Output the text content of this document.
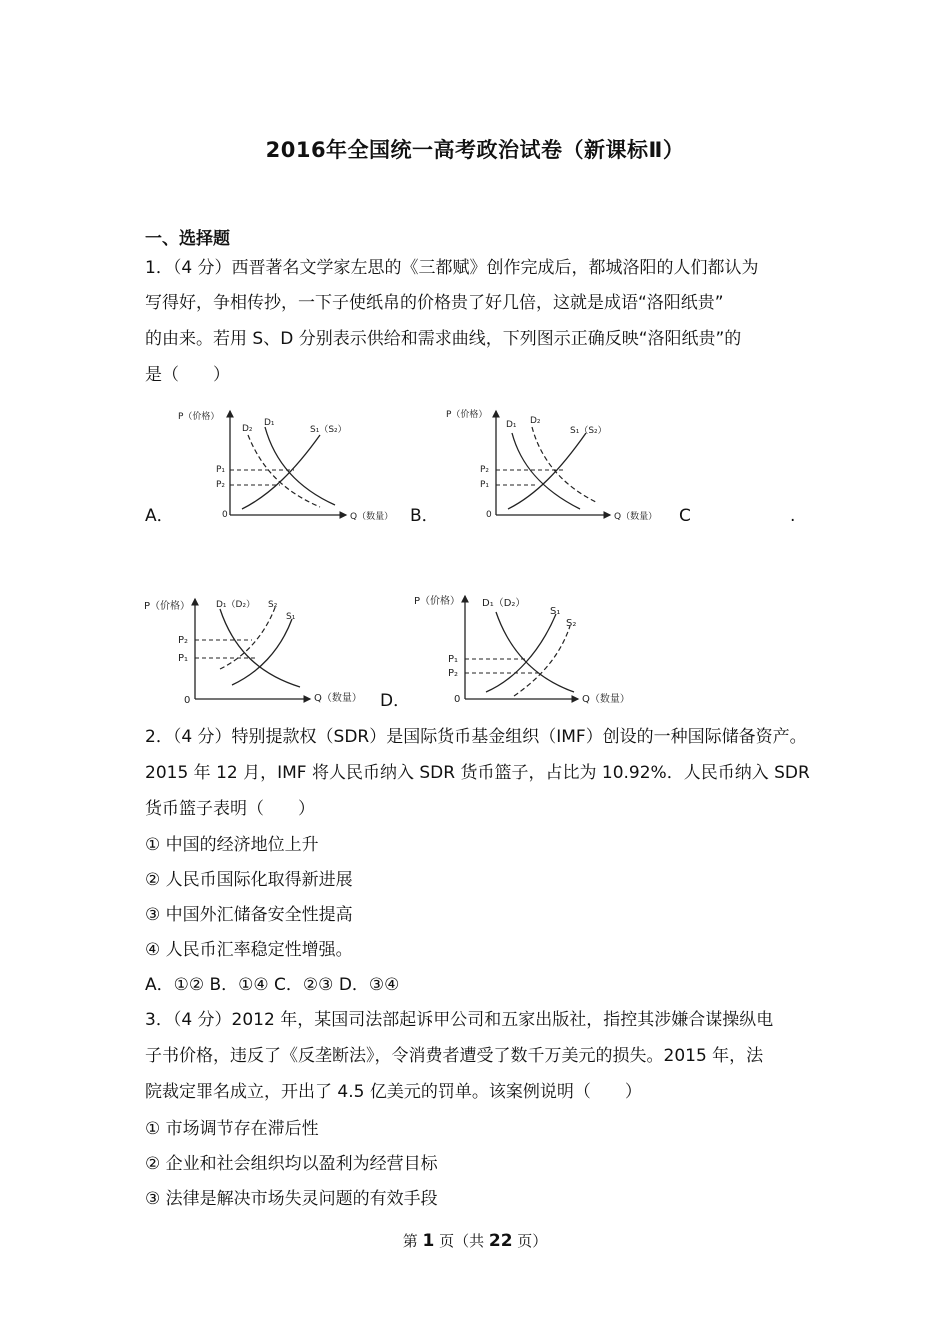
2016年全国统一高考政治试卷（新课标Ⅱ）
一、选择题
1．（4 分）西晋著名文学家左思的《三都赋》创作完成后，都城洛阳的人们都认为
写得好，争相传抄，一下子使纸帛的价格贵了好几倍，这就是成语“洛阳纸贵”
的由来。若用 S、D 分别表示供给和需求曲线，下列图示正确反映“洛阳纸贵”的
是（　　）
A．	B．	C	.
D．
P（价格）
Q（数量）
0
P₁
P₂
D₂
D₁
S₁（S₂）
P（价格）
Q（数量）
0
P₂
P₁
D₁ D₂
S₁（S₂）
P（价格）
Q（数量）
0
P₂
P₁
D₁（D₂） S₂
S₁
P（价格）
Q（数量）
0
P₁
P₂
D₁（D₂）
S₁
S₂
2．（4 分）特别提款权（SDR）是国际货币基金组织（IMF）创设的一种国际储备资产。
2015 年 12 月，IMF 将人民币纳入 SDR 货币篮子，占比为 10.92%．人民币纳入 SDR
货币篮子表明（　　）
① 中国的经济地位上升
② 人民币国际化取得新进展
③ 中国外汇储备安全性提高
④ 人民币汇率稳定性增强。
A．①② B．①④ C．②③ D．③④
3．（4 分）2012 年，某国司法部起诉甲公司和五家出版社，指控其涉嫌合谋操纵电
子书价格，违反了《反垄断法》，令消费者遭受了数千万美元的损失。2015 年，法
院裁定罪名成立，开出了 4.5 亿美元的罚单。该案例说明（　　）
① 市场调节存在滞后性
② 企业和社会组织均以盈利为经营目标
③ 法律是解决市场失灵问题的有效手段
第 1 页（共 22 页）
